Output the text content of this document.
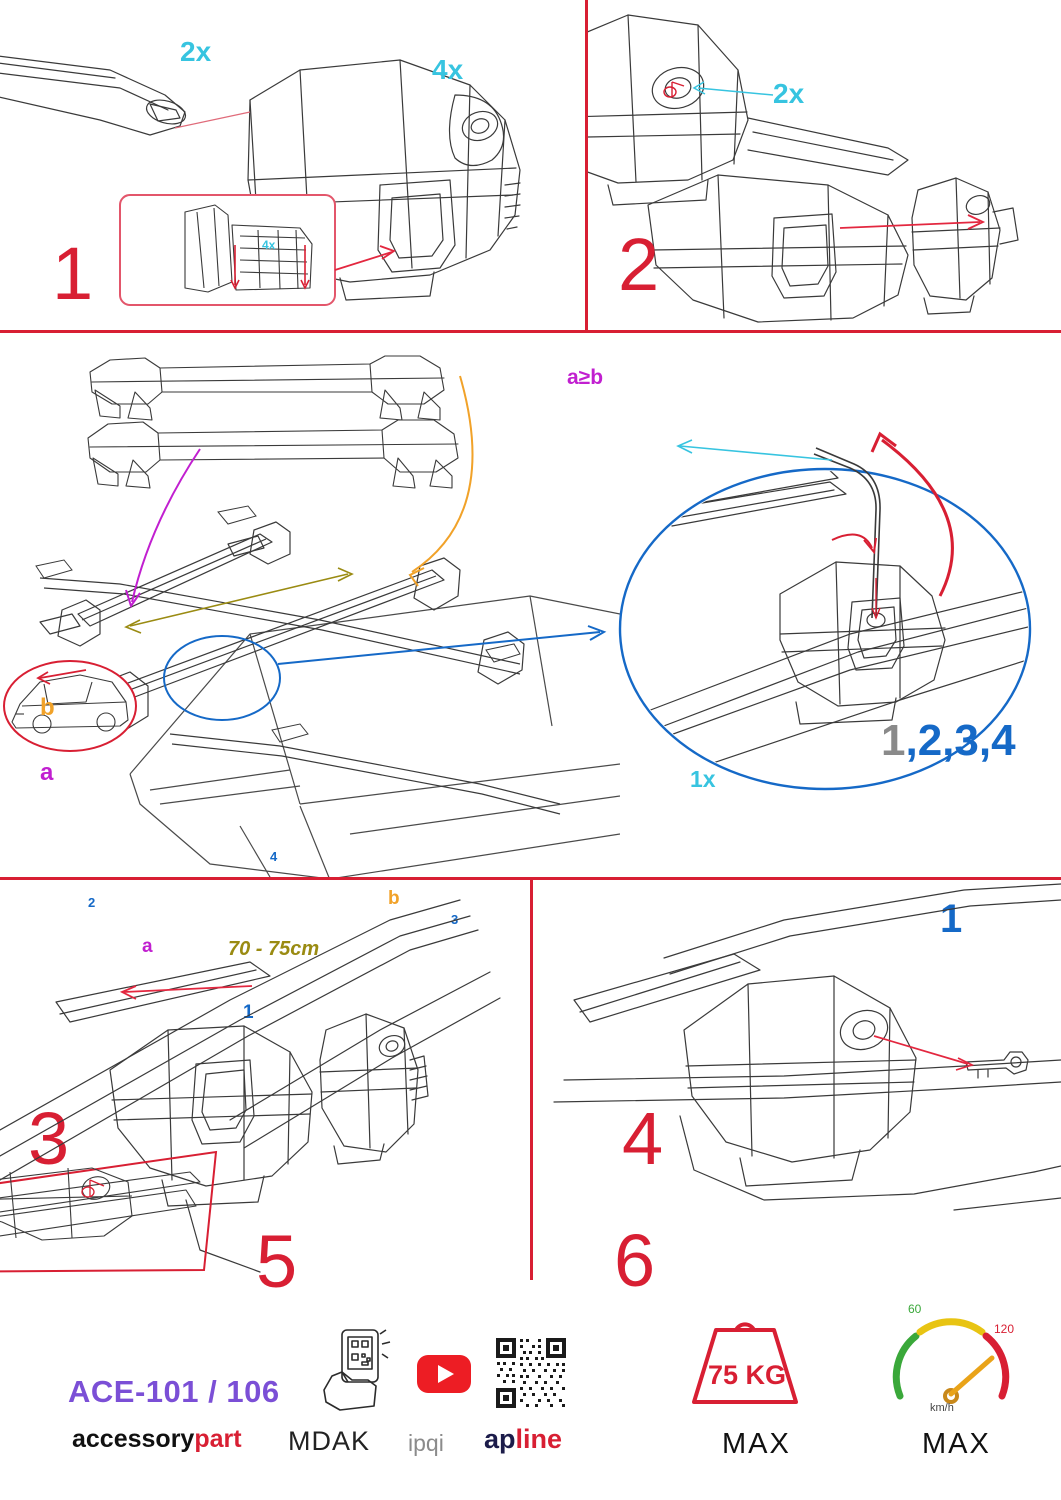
2x
4x
4x
1
2x
2
b
a
a
b
70 - 75cm
1
2
3
4
3
1x
a≥b
1,2,3,4
1
4
5	6
ACE-101 / 106
accessorypart MDAK ipqi apline
75 KG
MAX
60
120
km/h
MAX
